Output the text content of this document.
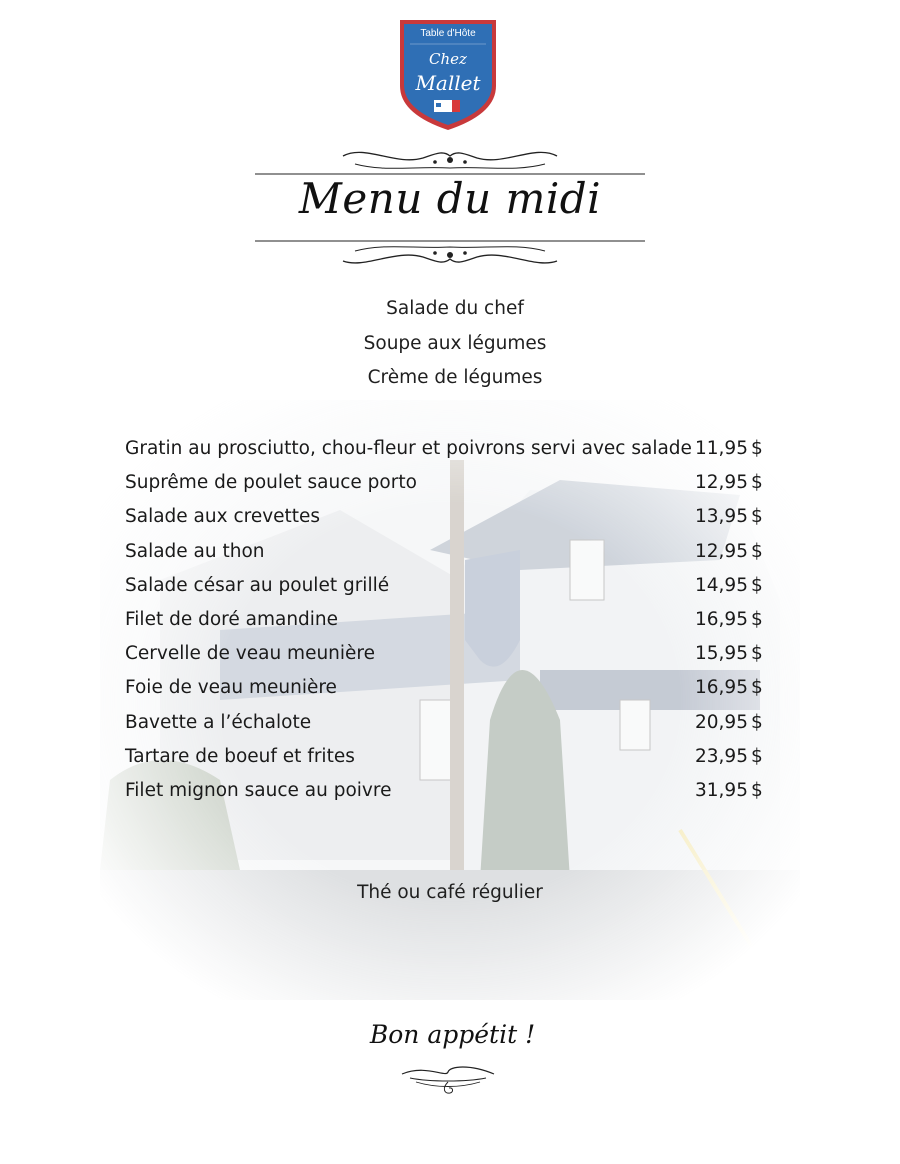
Table d'Hôte
Chez
Mallet
Menu du midi
Salade du chef
Soupe aux légumes
Crème de légumes
Gratin au prosciutto, chou-fleur et poivrons servi avec salade 11,95 $
Suprême de poulet sauce porto	12,95 $
Salade aux crevettes	13,95 $
Salade au thon	12,95 $
Salade césar au poulet grillé	14,95 $
Filet de doré amandine	16,95 $
Cervelle de veau meunière	15,95 $
Foie de veau meunière	16,95 $
Bavette a l’échalote	20,95 $
Tartare de boeuf et frites	23,95 $
Filet mignon sauce au poivre	31,95 $
Thé ou café régulier
Bon appétit !
